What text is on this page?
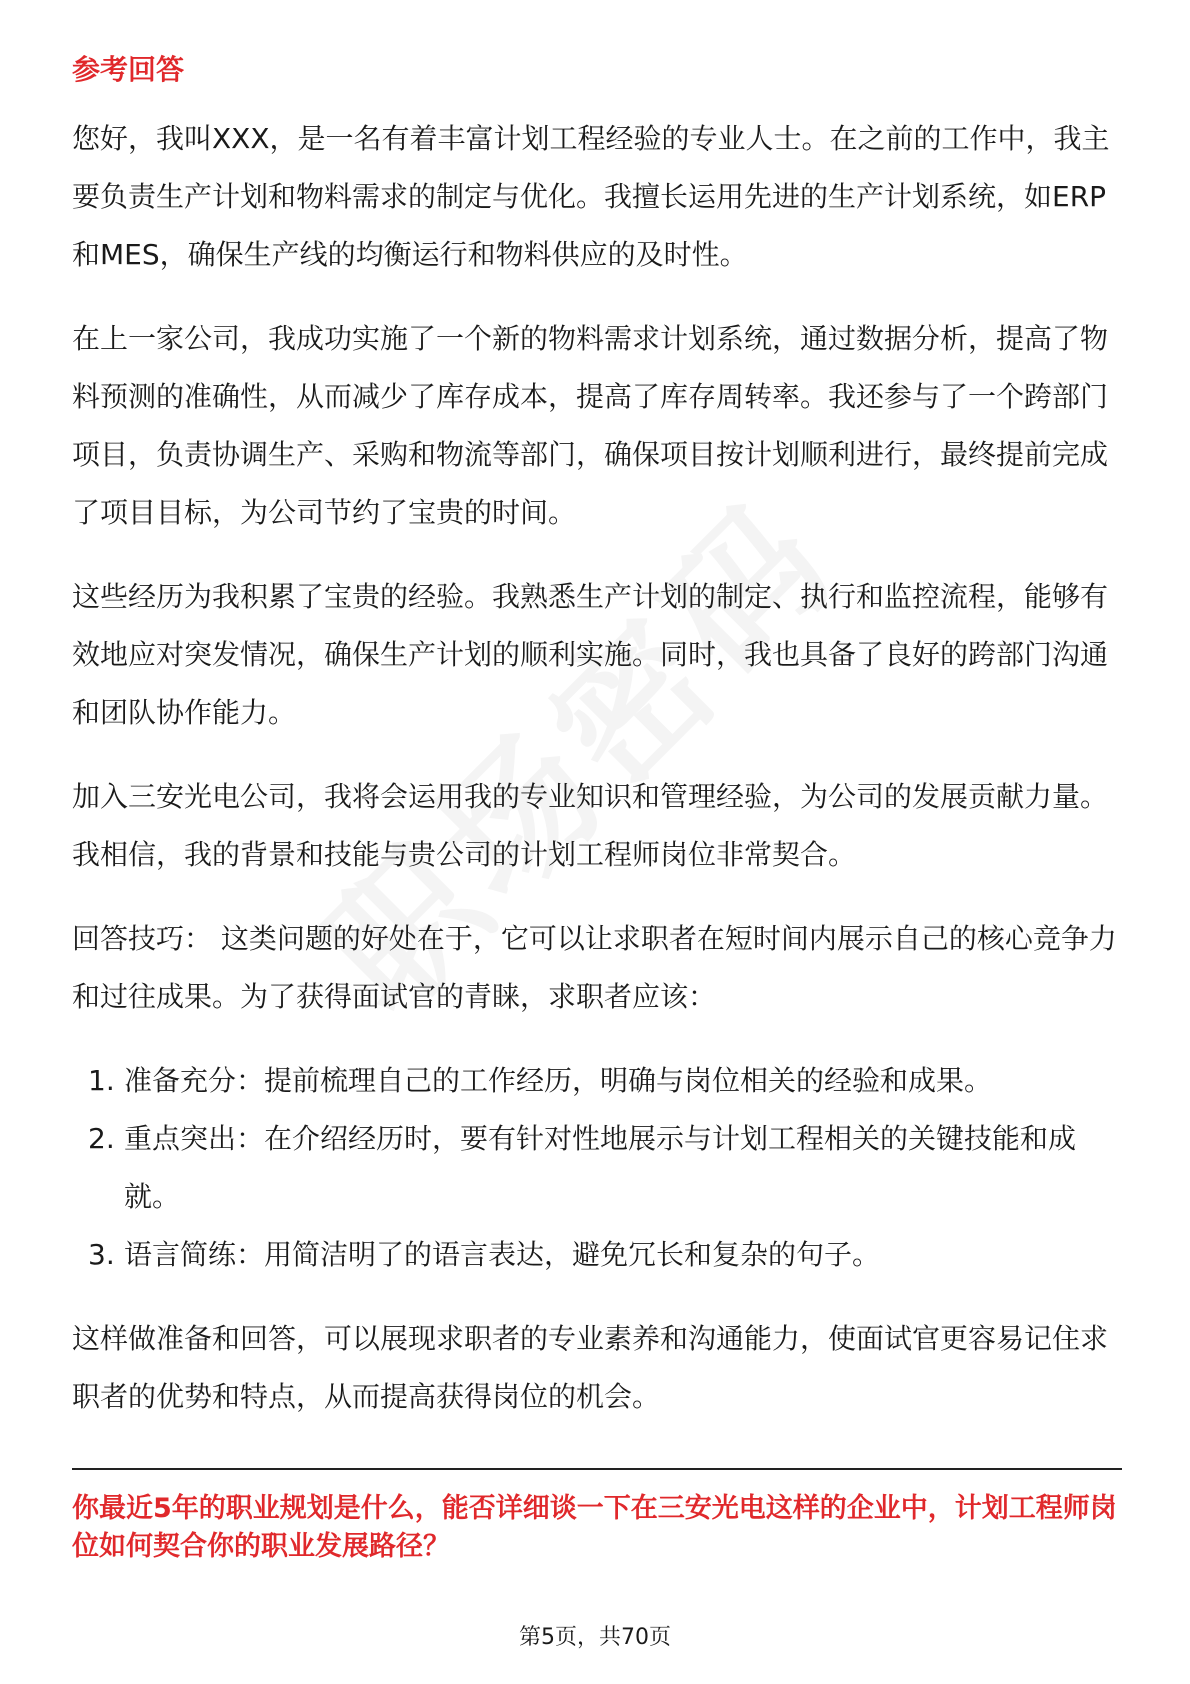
参考回答

您好，我叫XXX，是一名有着丰富计划工程经验的专业人士。在之前的工作中，我主要负责生产计划和物料需求的制定与优化。我擅长运用先进的生产计划系统，如ERP和MES，确保生产线的均衡运行和物料供应的及时性。

在上一家公司，我成功实施了一个新的物料需求计划系统，通过数据分析，提高了物料预测的准确性，从而减少了库存成本，提高了库存周转率。我还参与了一个跨部门项目，负责协调生产、采购和物流等部门，确保项目按计划顺利进行，最终提前完成了项目目标，为公司节约了宝贵的时间。

这些经历为我积累了宝贵的经验。我熟悉生产计划的制定、执行和监控流程，能够有效地应对突发情况，确保生产计划的顺利实施。同时，我也具备了良好的跨部门沟通和团队协作能力。

加入三安光电公司，我将会运用我的专业知识和管理经验，为公司的发展贡献力量。我相信，我的背景和技能与贵公司的计划工程师岗位非常契合。

回答技巧： 这类问题的好处在于，它可以让求职者在短时间内展示自己的核心竞争力和过往成果。为了获得面试官的青睐，求职者应该：

1. 准备充分：提前梳理自己的工作经历，明确与岗位相关的经验和成果。
2. 重点突出：在介绍经历时，要有针对性地展示与计划工程相关的关键技能和成就。
3. 语言简练：用简洁明了的语言表达，避免冗长和复杂的句子。

这样做准备和回答，可以展现求职者的专业素养和沟通能力，使面试官更容易记住求职者的优势和特点，从而提高获得岗位的机会。

你最近5年的职业规划是什么，能否详细谈一下在三安光电这样的企业中，计划工程师岗位如何契合你的职业发展路径？

第5页，共70页
